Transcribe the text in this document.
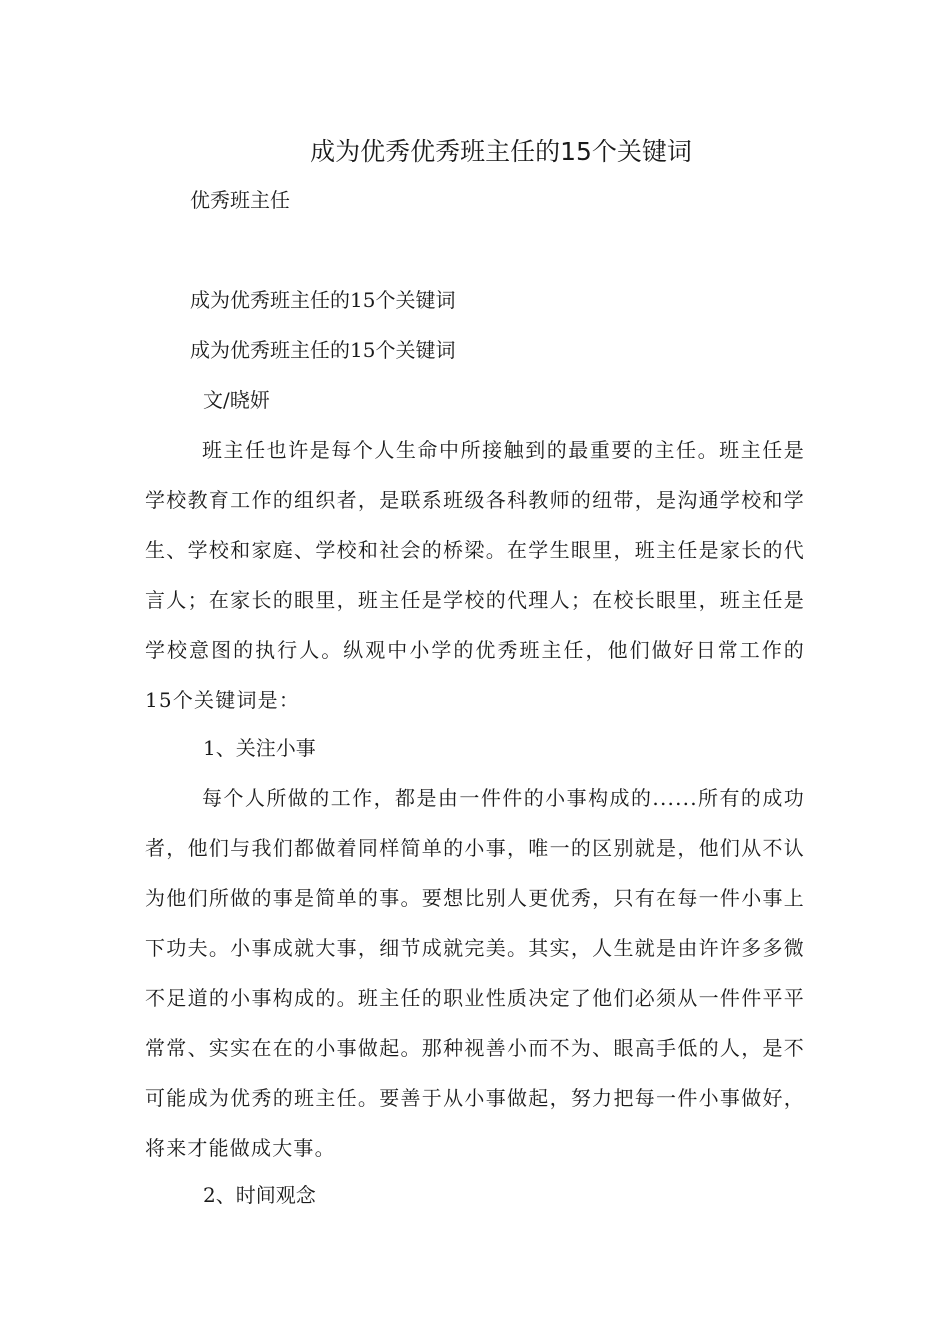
成为优秀优秀班主任的15个关键词

优秀班主任

成为优秀班主任的15个关键词

成为优秀班主任的15个关键词

文/晓妍

班主任也许是每个人生命中所接触到的最重要的主任。班主任是学校教育工作的组织者，是联系班级各科教师的纽带，是沟通学校和学生、学校和家庭、学校和社会的桥梁。在学生眼里，班主任是家长的代言人；在家长的眼里，班主任是学校的代理人；在校长眼里，班主任是学校意图的执行人。纵观中小学的优秀班主任，他们做好日常工作的15个关键词是：

1、关注小事

每个人所做的工作，都是由一件件的小事构成的......所有的成功者，他们与我们都做着同样简单的小事，唯一的区别就是，他们从不认为他们所做的事是简单的事。要想比别人更优秀，只有在每一件小事上下功夫。小事成就大事，细节成就完美。其实，人生就是由许许多多微不足道的小事构成的。班主任的职业性质决定了他们必须从一件件平平常常、实实在在的小事做起。那种视善小而不为、眼高手低的人，是不可能成为优秀的班主任。要善于从小事做起，努力把每一件小事做好，将来才能做成大事。

2、时间观念
